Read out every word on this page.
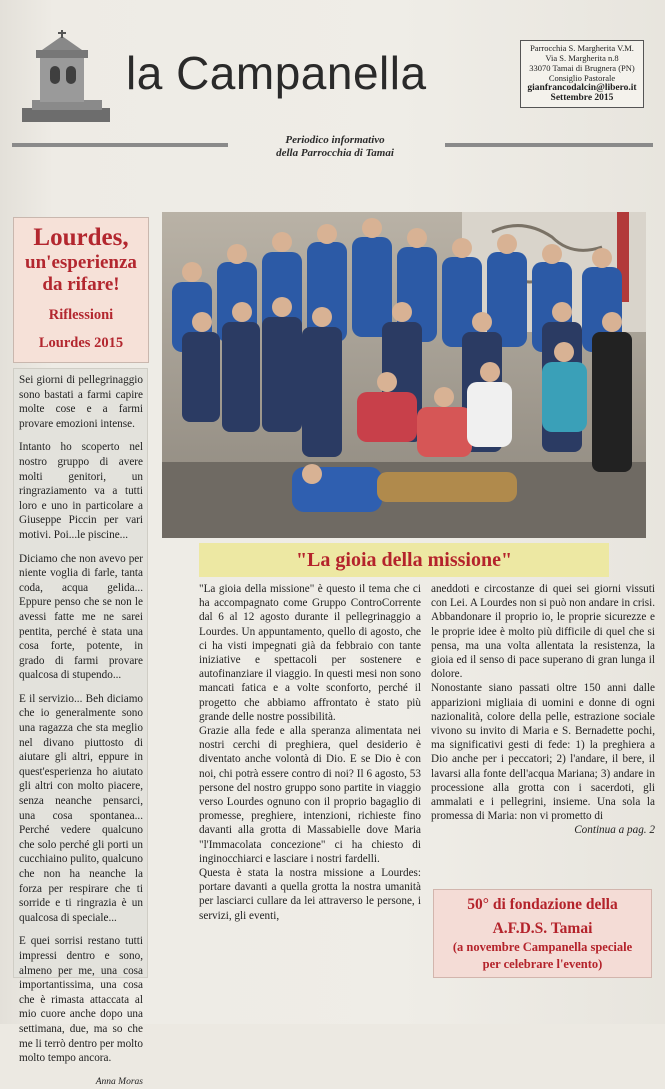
la Campanella	Parrocchia S. Margherita V.M.
Via S. Margherita n.8
33070 Tamai di Brugnera (PN)
Consiglio Pastorale
gianfrancodalcin@libero.it
Settembre 2015
Periodico informativo
della Parrocchia di Tamai
Lourdes,
un'esperienza
da rifare!
Riflessioni
Lourdes 2015

Sei giorni di pellegrinaggio sono bastati a farmi capire molte cose e a farmi provare emozioni intense.

Intanto ho scoperto nel nostro gruppo di avere molti genitori, un ringraziamento va a tutti loro e uno in particolare a Giuseppe Piccin per vari motivi. Poi...le piscine...

Diciamo che non avevo per niente voglia di farle, tanta coda, acqua gelida... Eppure penso che se non le avessi fatte me ne sarei pentita, perché è stata una cosa forte, potente, in grado di farmi provare qualcosa di stupendo...

E il servizio... Beh diciamo che io generalmente sono una ragazza che sta meglio nel divano piuttosto di aiutare gli altri, eppure in quest'esperienza ho aiutato gli altri con molto piacere, senza neanche pensarci, una cosa spontanea... Perché vedere qualcuno che solo perché gli porti un cucchiaino pulito, qualcuno che non ha neanche la forza per respirare che ti sorride e ti ringrazia è un qualcosa di speciale...

E quei sorrisi restano tutti impressi dentro e sono, almeno per me, una cosa importantissima, una cosa che è rimasta attaccata al mio cuore anche dopo una settimana, due, ma so che me li terrò dentro per molto molto tempo ancora.

Anna Moras

"La gioia della missione"

"La gioia della missione" è questo il tema che ci ha accompagnato come Gruppo ControCorrente dal 6 al 12 agosto durante il pellegrinaggio a Lourdes. Un appuntamento, quello di agosto, che ci ha visti impegnati già da febbraio con tante iniziative e spettacoli per sostenere e autofinanziare il viaggio. In questi mesi non sono mancati fatica e a volte sconforto, perché il progetto che abbiamo affrontato è stato più grande delle nostre possibilità.

Grazie alla fede e alla speranza alimentata nei nostri cerchi di preghiera, quel desiderio è diventato anche volontà di Dio. E se Dio è con noi, chi potrà essere contro di noi? Il 6 agosto, 53 persone del nostro gruppo sono partite in viaggio verso Lourdes ognuno con il proprio bagaglio di promesse, preghiere, intenzioni, richieste fino davanti alla grotta di Massabielle dove Maria "l'Immacolata concezione" ci ha chiesto di inginocchiarci e lasciare i nostri fardelli.

Questa è stata la nostra missione a Lourdes: portare davanti a quella grotta la nostra umanità per lasciarci cullare da lei attraverso le persone, i servizi, gli eventi,

aneddoti e circostanze di quei sei giorni vissuti con Lei. A Lourdes non si può non andare in crisi. Abbandonare il proprio io, le proprie sicurezze e le proprie idee è molto più difficile di quel che si pensa, ma una volta allentata la resistenza, la gioia ed il senso di pace superano di gran lunga il dolore.

Nonostante siano passati oltre 150 anni dalle apparizioni migliaia di uomini e donne di ogni nazionalità, colore della pelle, estrazione sociale vivono su invito di Maria e S. Bernadette pochi, ma significativi gesti di fede: 1) la preghiera a Dio anche per i peccatori; 2) l'andare, il bere, il lavarsi alla fonte dell'acqua Mariana; 3) andare in processione alla grotta con i sacerdoti, gli ammalati e i pellegrini, insieme. Una sola la promessa di Maria: non vi prometto di

Continua a pag. 2

50° di fondazione della
A.F.D.S. Tamai
(a novembre Campanella speciale
per celebrare l'evento)
